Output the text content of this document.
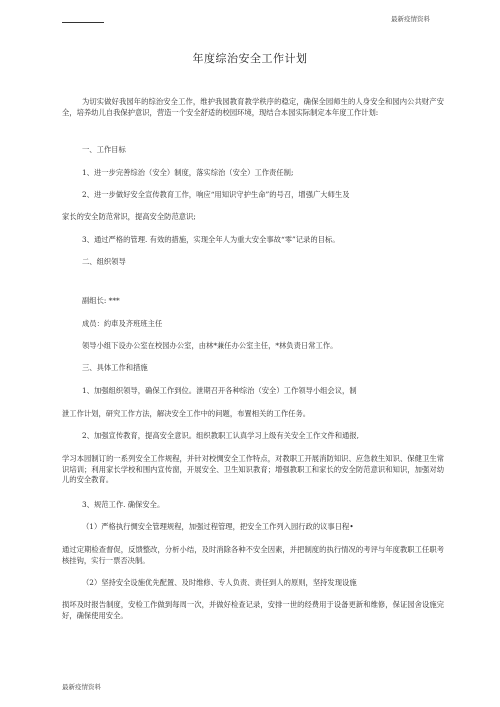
最新疫情资料
年度综治安全工作计划
为切实做好我园年的综治安全工作，维护我园教育教学秩序的稳定，确保全园师生的人身安全和园内公共财产安全，培养幼儿自我保护意识，营造一个安全舒适的校园环境，现结合本园实际制定本年度工作计划:
一、工作目标
1、进一步完善综治（安全）制度，落实综治（安全）工作责任制;
2、进一步做好安全宣传教育工作，响应“用知识守护生命”的号召，增强广大师生及
家长的安全防范常识，提高安全防范意识;
3、通过严格的管理. 有效的措施，实现全年人为重大安全事故“零”记录的目标。
二、组织领导
副组长: ***
成员：約車及齐班班主任
领导小组下设办公室在校园办公室，由林*兼任办公室主任，*林负责日常工作。
三、具体工作和措施
1、加强组织领导，确保工作到位。泄期召开各种综治（安全）工作领导小组会议，制
泄工作计划，研究工作方法，解决安全工作中的问题，布置相关的工作任务。
2、加强宣传教育，提高安全意识。组织教职工认真学习上级有关安全工作文件和通报,
学习本园制订的一系列安全工作规程，并针对校惆安全工作特点，对教职工开展消防知识、应急救生知识、保健卫生常识培训；利用家长学校和围内宣传窗，开展安全、卫生知识教育；增强教职工和家长的安全防范意识和知识，加强对幼儿的安全教育。
3、规范工作. 确保安全。
（1）严格执行惆安全管理规程，加强过程管理，把安全工作列入园行政的议事日程•
通过定期检查督促，反馈整改，分析小结，及时消除各种不安全因素，并把制度的执行情况的考评与年度教职工任职考核挂钩，实行一票否决制。
（2）坚持安全设施优先配置、及时维修、专人负责、责任到人的原则，坚持发现设施
损坏及时报告制度，安检工作做到每周一次，并做好检查记录，安排一世的经费用于设备更新和维修，保证园舍设施完好，确保使用安全。
最新疫情资料
